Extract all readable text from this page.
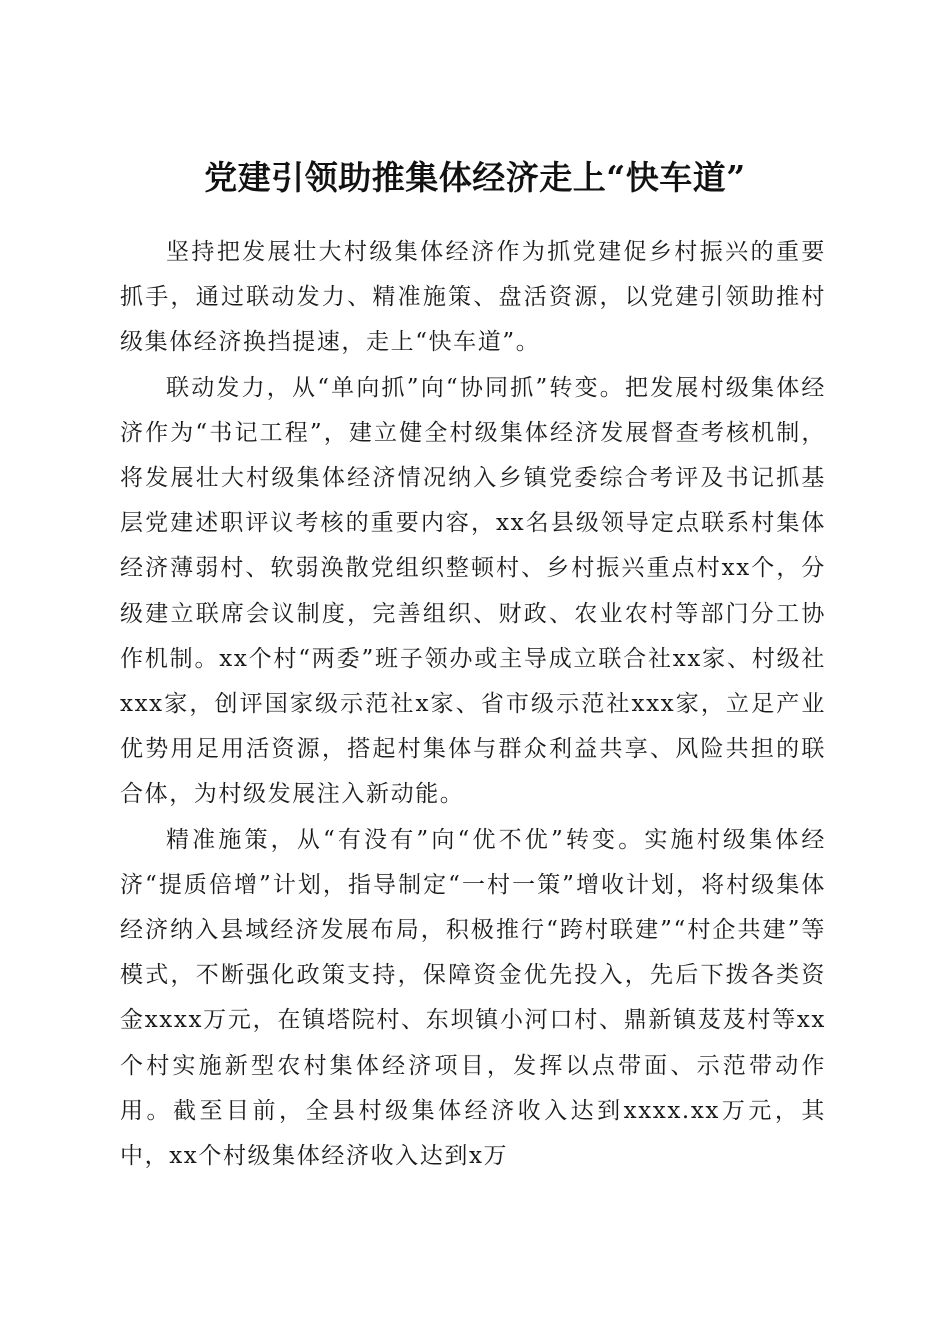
党建引领助推集体经济走上“快车道”

坚持把发展壮大村级集体经济作为抓党建促乡村振兴的重要抓手，通过联动发力、精准施策、盘活资源，以党建引领助推村级集体经济换挡提速，走上“快车道”。

联动发力，从“单向抓”向“协同抓”转变。把发展村级集体经济作为“书记工程”，建立健全村级集体经济发展督查考核机制，将发展壮大村级集体经济情况纳入乡镇党委综合考评及书记抓基层党建述职评议考核的重要内容，xx名县级领导定点联系村集体经济薄弱村、软弱涣散党组织整顿村、乡村振兴重点村xx个，分级建立联席会议制度，完善组织、财政、农业农村等部门分工协作机制。xx个村“两委”班子领办或主导成立联合社xx家、村级社xxx家，创评国家级示范社x家、省市级示范社xxx家，立足产业优势用足用活资源，搭起村集体与群众利益共享、风险共担的联合体，为村级发展注入新动能。

精准施策，从“有没有”向“优不优”转变。实施村级集体经济“提质倍增”计划，指导制定“一村一策”增收计划，将村级集体经济纳入县域经济发展布局，积极推行“跨村联建”“村企共建”等模式，不断强化政策支持，保障资金优先投入，先后下拨各类资金xxxx万元，在镇塔院村、东坝镇小河口村、鼎新镇芨芨村等xx个村实施新型农村集体经济项目，发挥以点带面、示范带动作用。截至目前，全县村级集体经济收入达到xxxx.xx万元，其中，xx个村级集体经济收入达到x万
